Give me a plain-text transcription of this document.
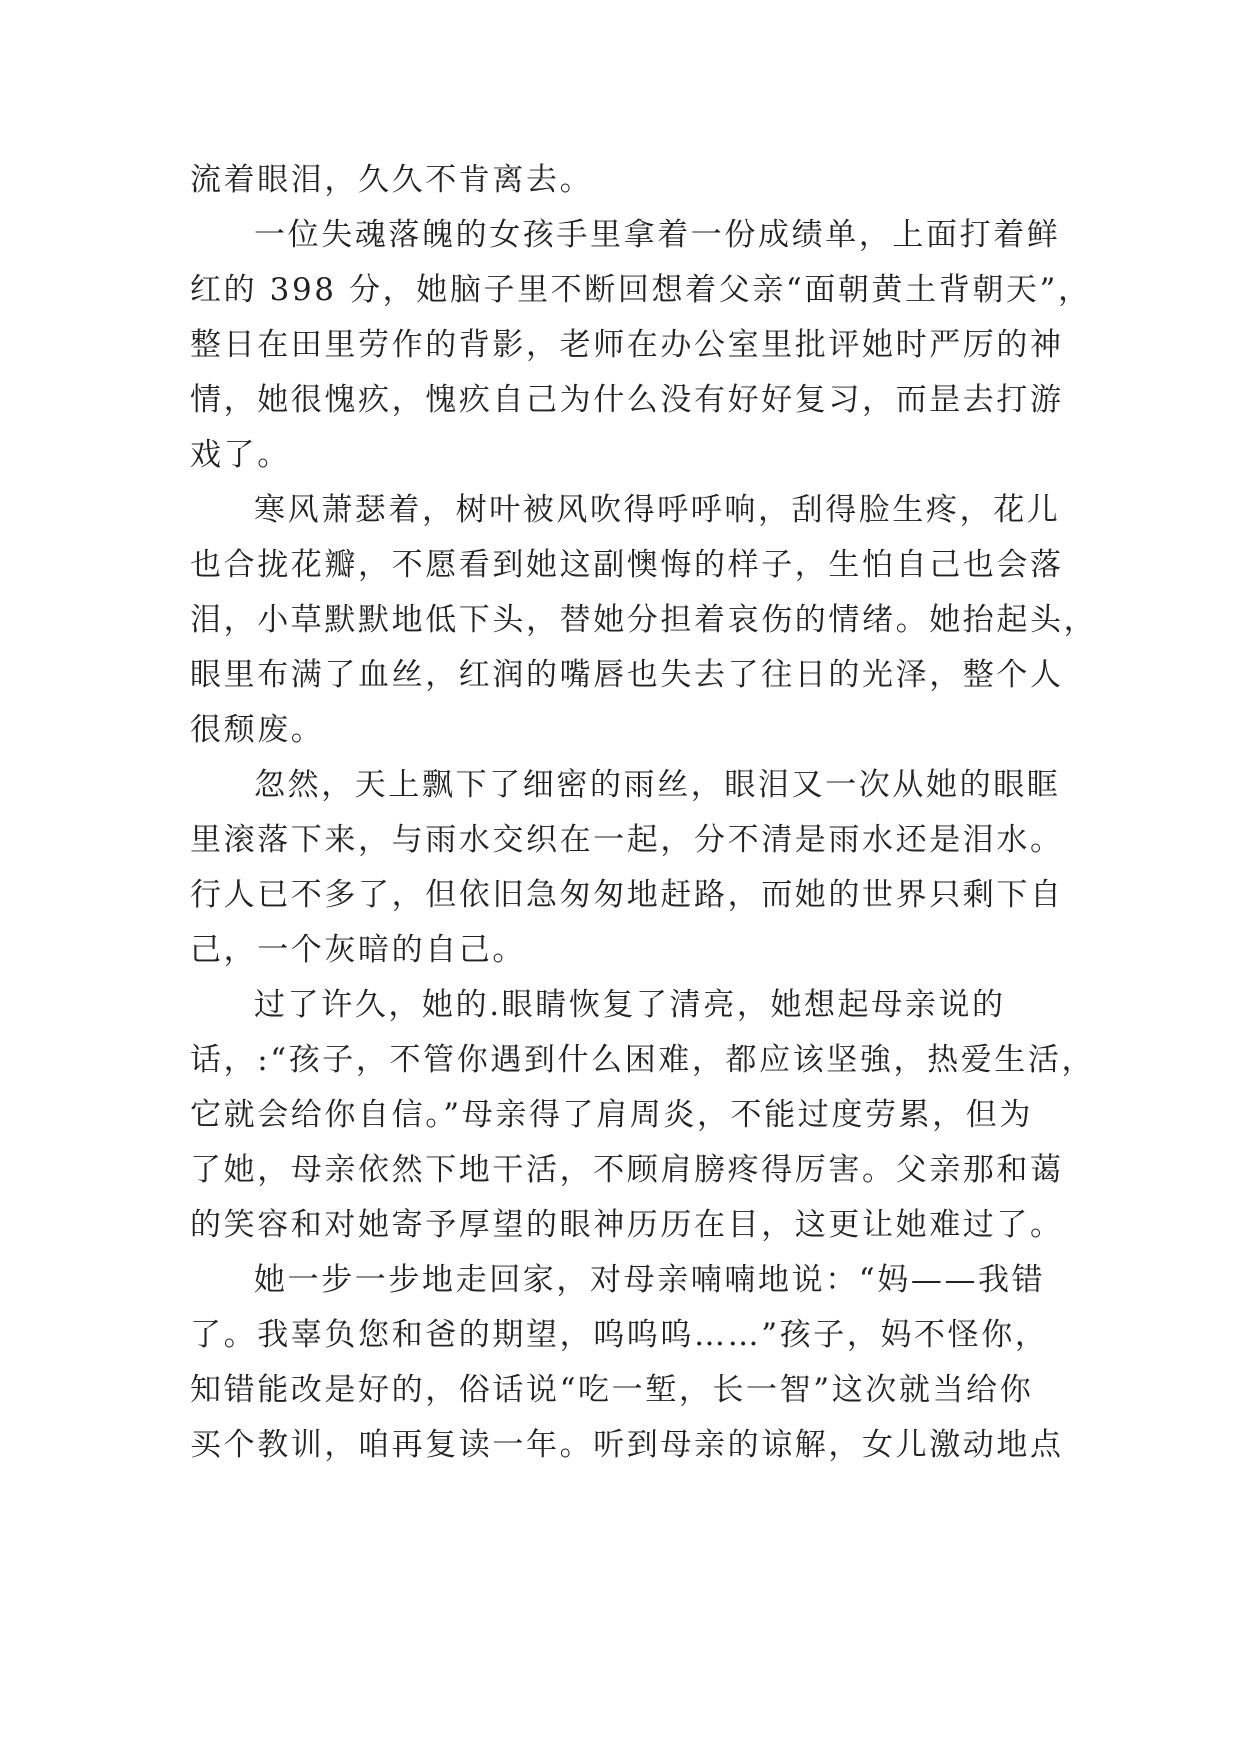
流着眼泪，久久不肯离去。
一位失魂落魄的女孩手里拿着一份成绩单，上面打着鲜
红的 398 分，她脑子里不断回想着父亲“面朝黄土背朝天”，
整日在田里劳作的背影，老师在办公室里批评她时严厉的神
情，她很愧疚，愧疚自己为什么没有好好复习，而昰去打游
戏了。
寒风萧瑟着，树叶被风吹得呼呼响，刮得脸生疼，花儿
也合拢花瓣，不愿看到她这副懊悔的样子，生怕自己也会落
泪，小草默默地低下头，替她分担着哀伤的情绪。她抬起头，
眼里布满了血丝，红润的嘴唇也失去了往日的光泽，整个人
很颓废。
忽然，天上飘下了细密的雨丝，眼泪又一次从她的眼眶
里滚落下来，与雨水交织在一起，分不清是雨水还是泪水。
行人已不多了，但依旧急匆匆地赶路，而她的世界只剩下自
己，一个灰暗的自己。
过了许久，她的.眼睛恢复了清亮，她想起母亲说的
话，:“孩子，不管你遇到什么困难，都应该坚強，热爱生活，
它就会给你自信。”母亲得了肩周炎，不能过度劳累，但为
了她，母亲依然下地干活，不顾肩膀疼得厉害。父亲那和蔼
的笑容和对她寄予厚望的眼神历历在目，这更让她难过了。
她一步一步地走回家，对母亲喃喃地说：“妈——我错
了。我辜负您和爸的期望，呜呜呜……”孩子，妈不怪你，
知错能改是好的，俗话说“吃一堑，长一智”这次就当给你
买个教训，咱再复读一年。听到母亲的谅解，女儿激动地点
